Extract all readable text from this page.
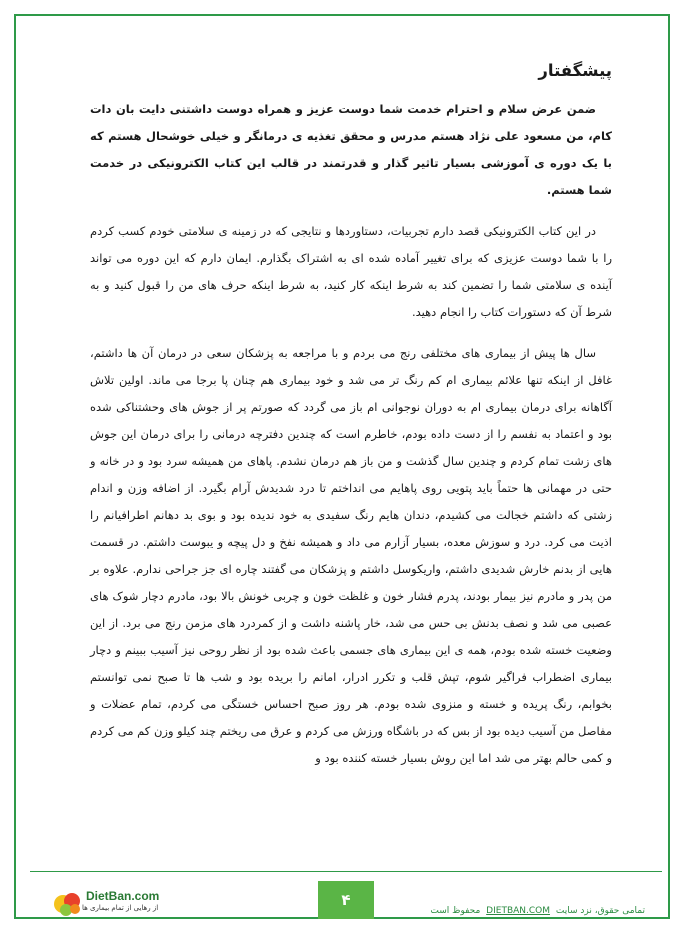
پیشگفتار

ضمن عرض سلام و احترام خدمت شما دوست عزیز و همراه دوست داشتنی دایت بان دات کام، من مسعود علی نژاد هستم مدرس و محقق تغذیه ی درمانگر و خیلی خوشحال هستم که با یک دوره ی آموزشی بسیار تاثیر گذار و قدرتمند در قالب این کتاب الکترونیکی در خدمت شما هستم.

در این کتاب الکترونیکی قصد دارم تجربیات، دستاوردها و نتایجی که در زمینه ی سلامتی خودم کسب کردم را با شما دوست عزیزی که برای تغییر آماده شده ای به اشتراک بگذارم. ایمان دارم که این دوره می تواند آینده ی سلامتی شما را تضمین کند به شرط اینکه کار کنید، به شرط اینکه حرف های من را قبول کنید و به شرط آن که دستورات کتاب را انجام دهید.

سال ها پیش از بیماری های مختلفی رنج می بردم و با مراجعه به پزشکان سعی در درمان آن ها داشتم، غافل از اینکه تنها علائم بیماری ام کم رنگ تر می شد و خود بیماری هم چنان پا برجا می ماند. اولین تلاش آگاهانه برای درمان بیماری ام به دوران نوجوانی ام باز می گردد که صورتم پر از جوش های وحشتناکی شده بود و اعتماد به نفسم را از دست داده بودم، خاطرم است که چندین دفترچه درمانی را برای درمان این جوش های زشت تمام کردم و چندین سال گذشت و من باز هم درمان نشدم. پاهای من همیشه سرد بود و در خانه و حتی در مهمانی ها حتماً باید پتویی روی پاهایم می انداختم تا درد شدیدش آرام بگیرد. از اضافه وزن و اندام زشتی که داشتم خجالت می کشیدم، دندان هایم رنگ سفیدی به خود ندیده بود و بوی بد دهانم اطرافیانم را اذیت می کرد. درد و سوزش معده، بسیار آزارم می داد و همیشه نفخ و دل پیچه و یبوست داشتم. در قسمت هایی از بدنم خارش شدیدی داشتم، واریکوسل داشتم و پزشکان می گفتند چاره ای جز جراحی ندارم. علاوه بر من پدر و مادرم نیز بیمار بودند، پدرم فشار خون و غلظت خون و چربی خونش بالا بود، مادرم دچار شوک های عصبی می شد و نصف بدنش بی حس می شد، خار پاشنه داشت و از کمردرد های مزمن رنج می برد. از این وضعیت خسته شده بودم، همه ی این بیماری های جسمی باعث شده بود از نظر روحی نیز آسیب ببینم و دچار بیماری اضطراب فراگیر شوم، تپش قلب و تکرر ادرار، امانم را بریده بود و شب ها تا صبح نمی توانستم بخوابم، رنگ پریده و خسته و منزوی شده بودم. هر روز صبح احساس خستگی می کردم، تمام عضلات و مفاصل من آسیب دیده بود از بس که در باشگاه ورزش می کردم و عرق می ریختم چند کیلو وزن کم می کردم و کمی حالم بهتر می شد اما این روش بسیار خسته کننده بود و

DietBan.com
از رهایی از تمام بیماری ها	۴
تمامی حقوق، نزد سایت DIETBAN.COM محفوظ است
